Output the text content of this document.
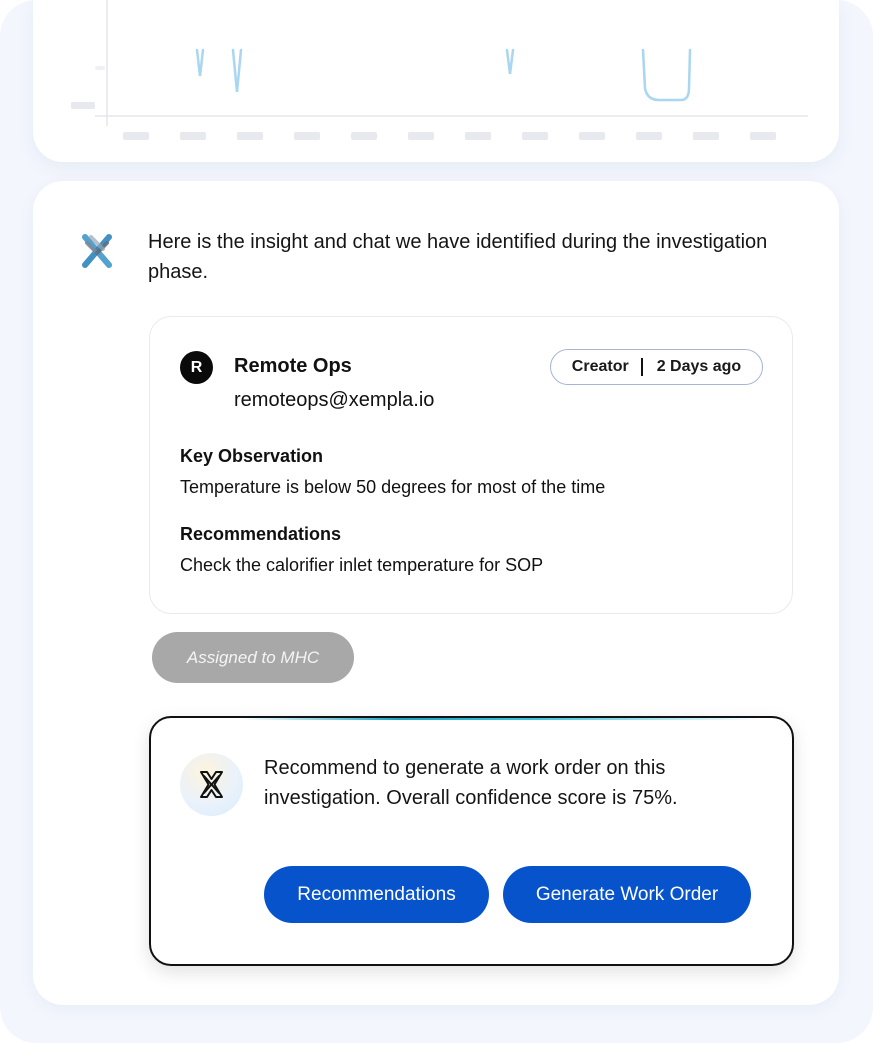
Here is the insight and chat we have identified during the investigation phase.
R	Remote Ops
remoteops@xempla.io
Creator 2 Days ago
Key Observation
Temperature is below 50 degrees for most of the time
Recommendations
Check the calorifier inlet temperature for SOP
Assigned to MHC
Recommend to generate a work order on this investigation. Overall confidence score is 75%.
Recommendations	Generate Work Order
